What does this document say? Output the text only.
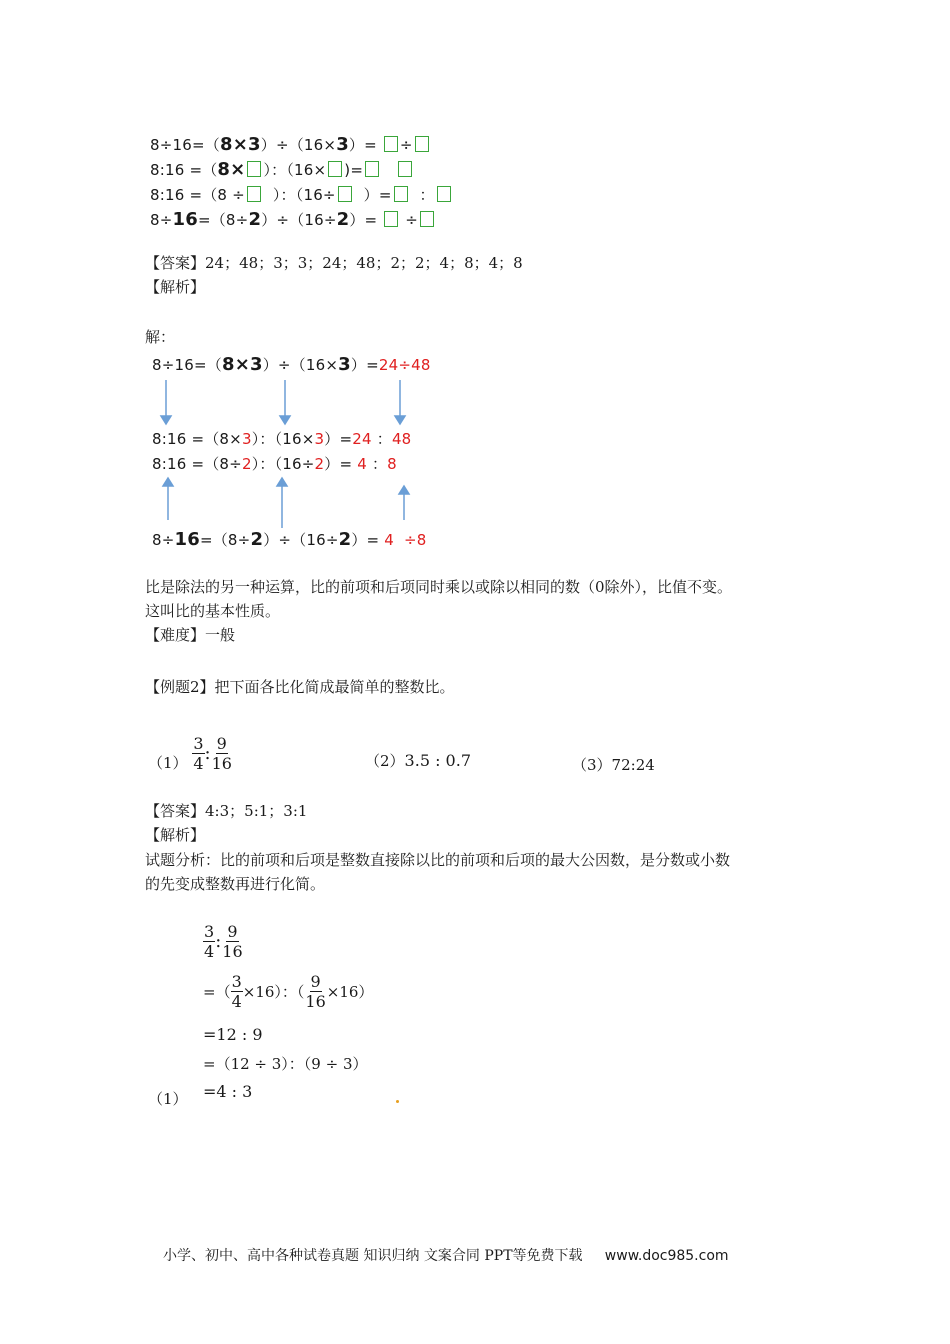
8÷16=（8×3）÷（16×3）= ÷
8:16 =（8× ）：（16× )=
8:16 =（8 ÷ ）：（16÷ ）= ：
8÷16=（8÷2）÷（16÷2）= ÷
【答案】24；48；3；3；24；48；2；2；4；8；4；8
【解析】
解：
8÷16=（8×3）÷（16×3）=24÷48
8:16 =（8×3）：（16×3）=24 ：48
8:16 =（8÷2）：（16÷2）= 4 ：8
8÷16=（8÷2）÷（16÷2）= 4 ÷8
比是除法的另一种运算，比的前项和后项同时乘以或除以相同的数（0除外），比值不变。
这叫比的基本性质。
【难度】一般
【例题2】把下面各比化简成最简单的整数比。
$(1) \frac{3}{4}$ : $\frac{9}{16}$	（2）3.5 : 0.7	（3）72:24
【答案】4:3；5:1；3:1
【解析】
试题分析：比的前项和后项是整数直接除以比的前项和后项的最大公因数，是分数或小数
的先变成整数再进行化简。
$\frac{3}{4}$ : $\frac{9}{16}$
=（ $\frac{3}{4} \times 16$）：（ $\frac{9}{16} \times 16$）
=12 : 9
=（12 ÷ 3）：（9 ÷ 3）
（1） =4 : 3
小学、初中、高中各种试卷真题 知识归纳 文案合同 PPT等免费下载 www.doc985.com
